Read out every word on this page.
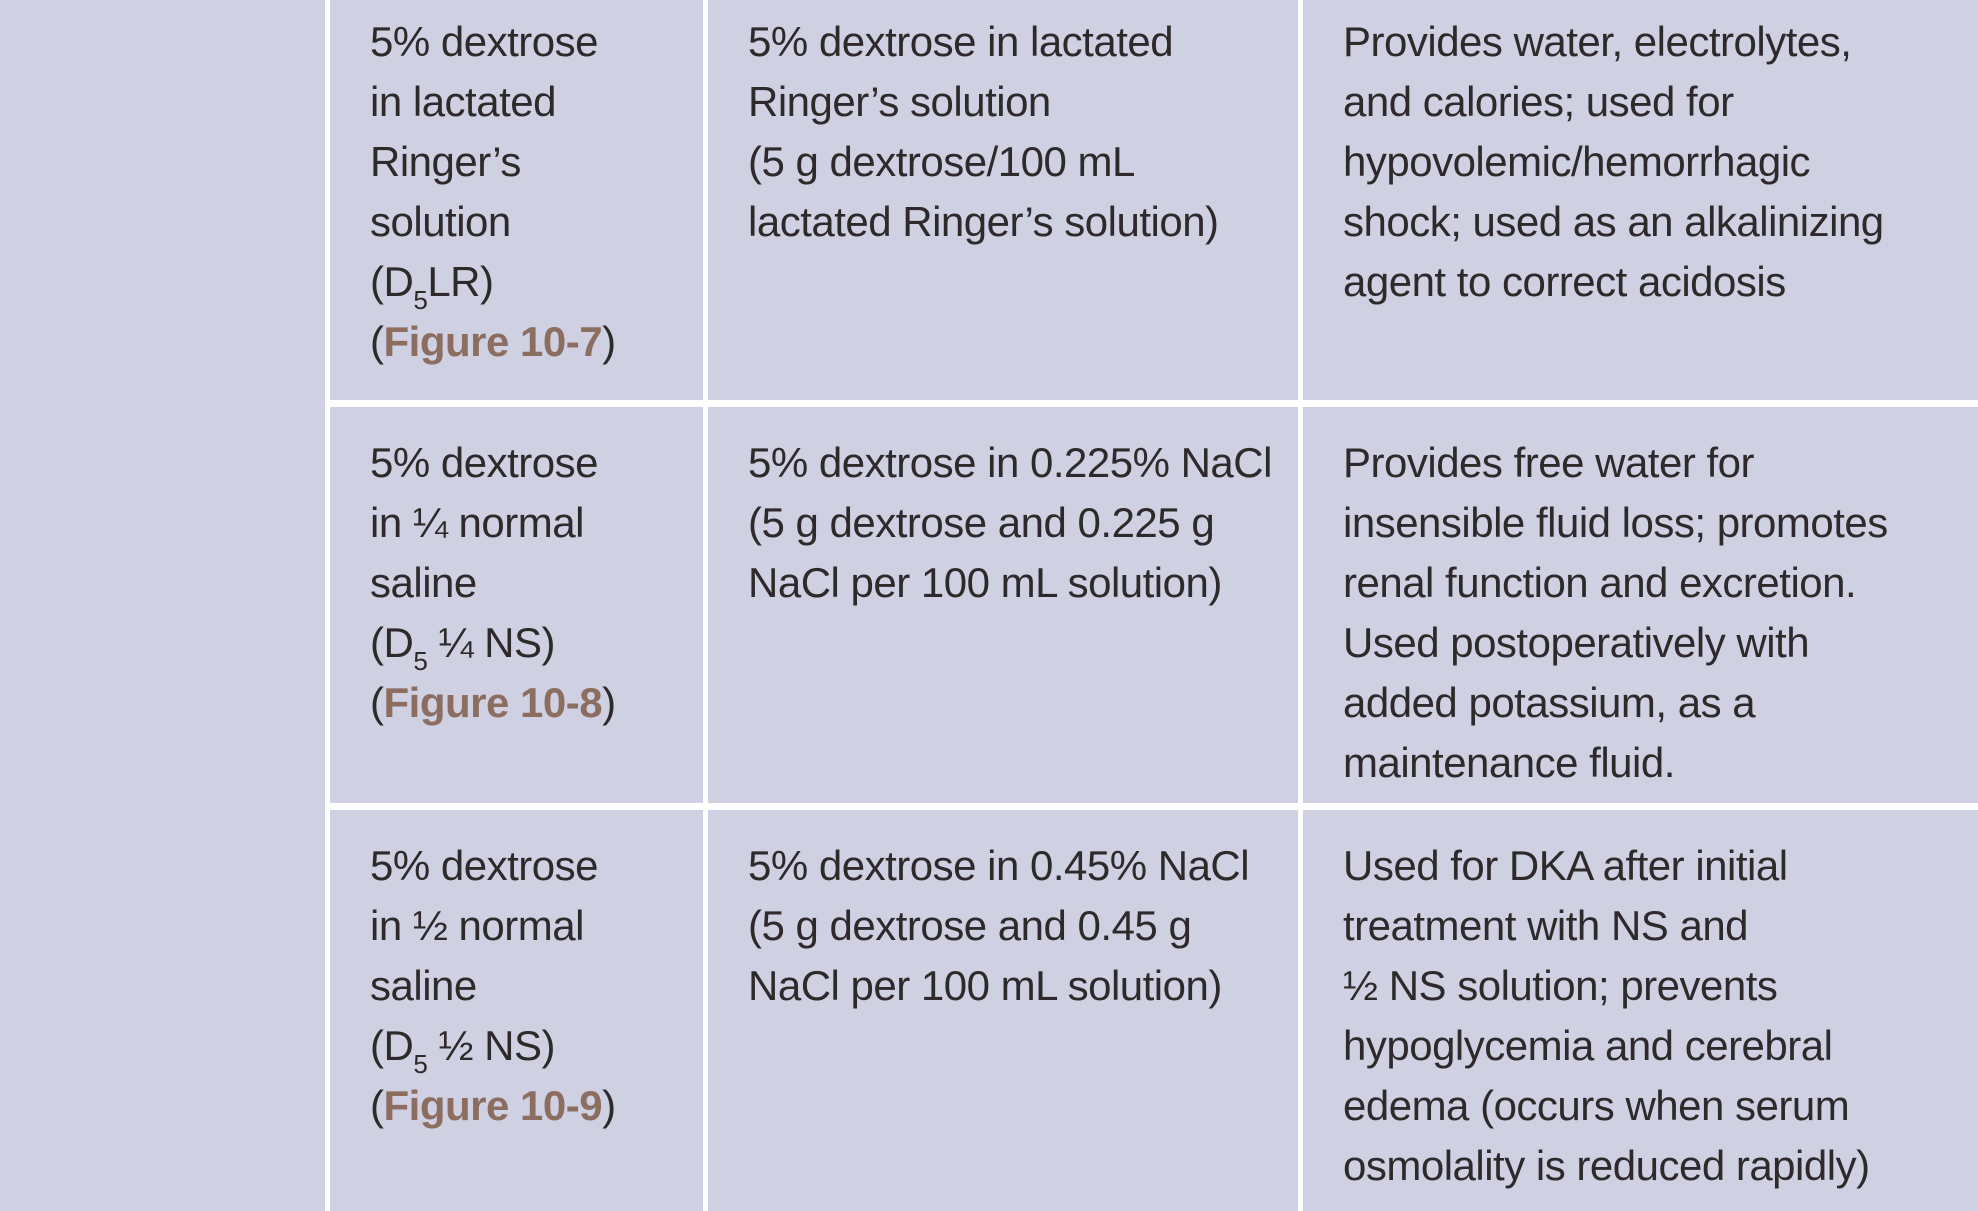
5% dextrose
in lactated
Ringer’s
solution
$(D_5LR)$
(Figure 10-7)
5% dextrose in lactated
Ringer’s solution
(5 g dextrose/100 mL
lactated Ringer’s solution)
Provides water, electrolytes,
and calories; used for
hypovolemic/hemorrhagic
shock; used as an alkalinizing
agent to correct acidosis
5% dextrose
in ¼ normal
saline
($D_5$ ¼ NS)
(Figure 10-8)
5% dextrose in 0.225% NaCl
(5 g dextrose and 0.225 g
NaCl per 100 mL solution)
Provides free water for
insensible fluid loss; promotes
renal function and excretion.
Used postoperatively with
added potassium, as a
maintenance fluid.
5% dextrose
in ½ normal
saline
($D_5$ ½ NS)
(Figure 10-9)
5% dextrose in 0.45% NaCl
(5 g dextrose and 0.45 g
NaCl per 100 mL solution)
Used for DKA after initial
treatment with NS and
½ NS solution; prevents
hypoglycemia and cerebral
edema (occurs when serum
osmolality is reduced rapidly)
